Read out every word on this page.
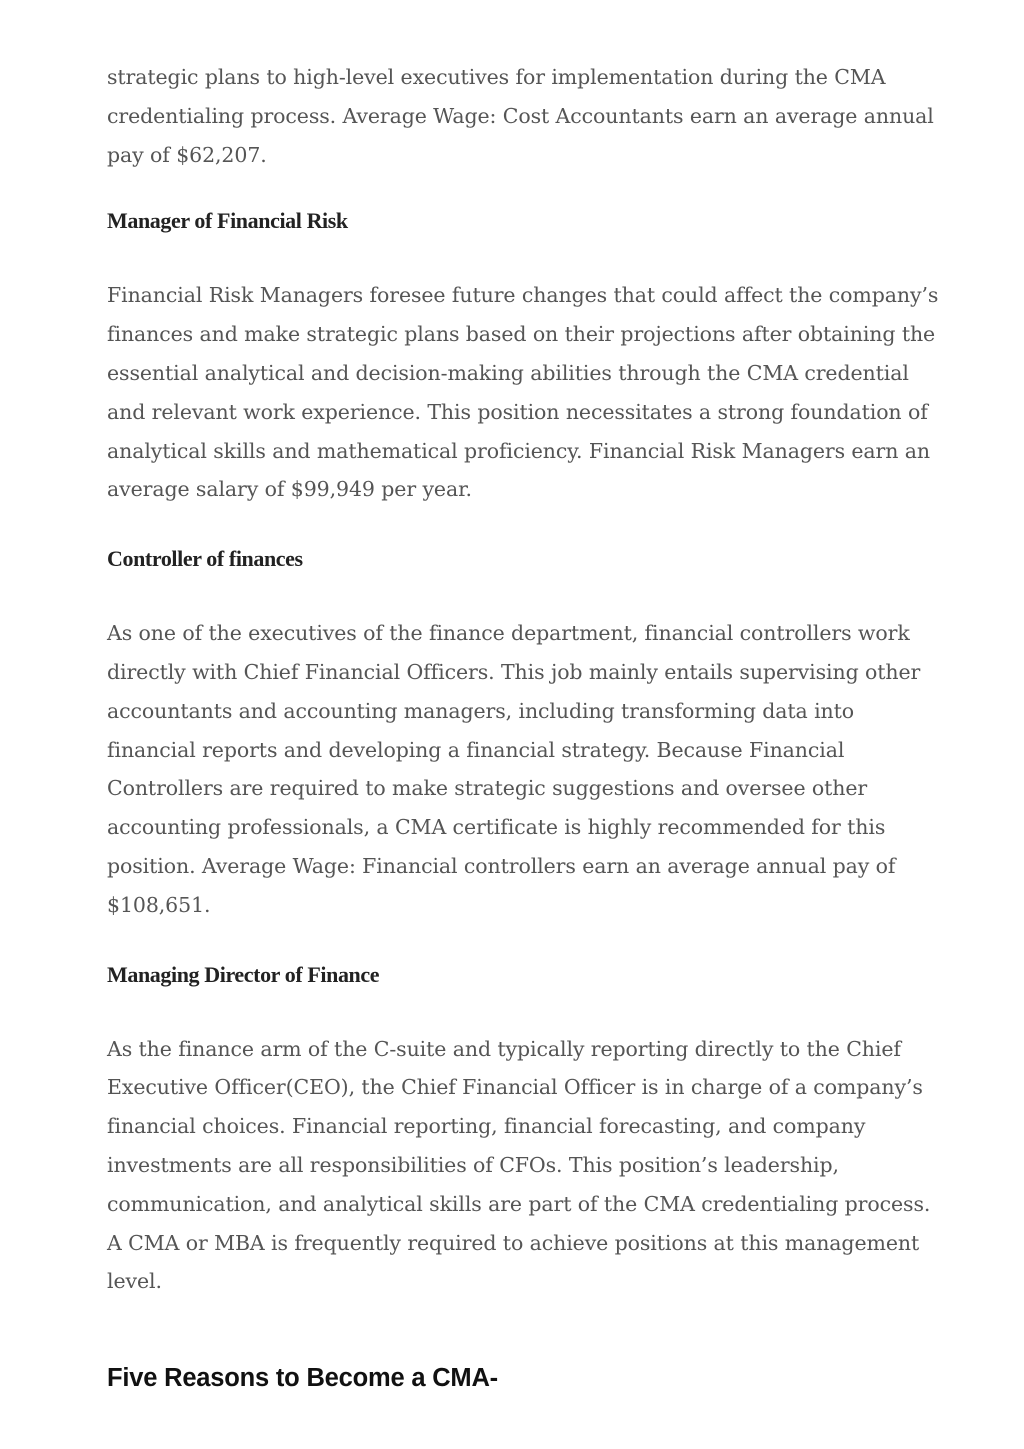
strategic plans to high-level executives for implementation during the CMA credentialing process. Average Wage: Cost Accountants earn an average annual pay of $62,207.

Manager of Financial Risk

Financial Risk Managers foresee future changes that could affect the company’s finances and make strategic plans based on their projections after obtaining the essential analytical and decision-making abilities through the CMA credential and relevant work experience. This position necessitates a strong foundation of analytical skills and mathematical proficiency. Financial Risk Managers earn an average salary of $99,949 per year.

Controller of finances

As one of the executives of the finance department, financial controllers work directly with Chief Financial Officers. This job mainly entails supervising other accountants and accounting managers, including transforming data into financial reports and developing a financial strategy. Because Financial Controllers are required to make strategic suggestions and oversee other accounting professionals, a CMA certificate is highly recommended for this position. Average Wage: Financial controllers earn an average annual pay of $108,651.

Managing Director of Finance

As the finance arm of the C-suite and typically reporting directly to the Chief Executive Officer(CEO), the Chief Financial Officer is in charge of a company’s financial choices. Financial reporting, financial forecasting, and company investments are all responsibilities of CFOs. This position’s leadership, communication, and analytical skills are part of the CMA credentialing process. A CMA or MBA is frequently required to achieve positions at this management level.

Five Reasons to Become a CMA-
